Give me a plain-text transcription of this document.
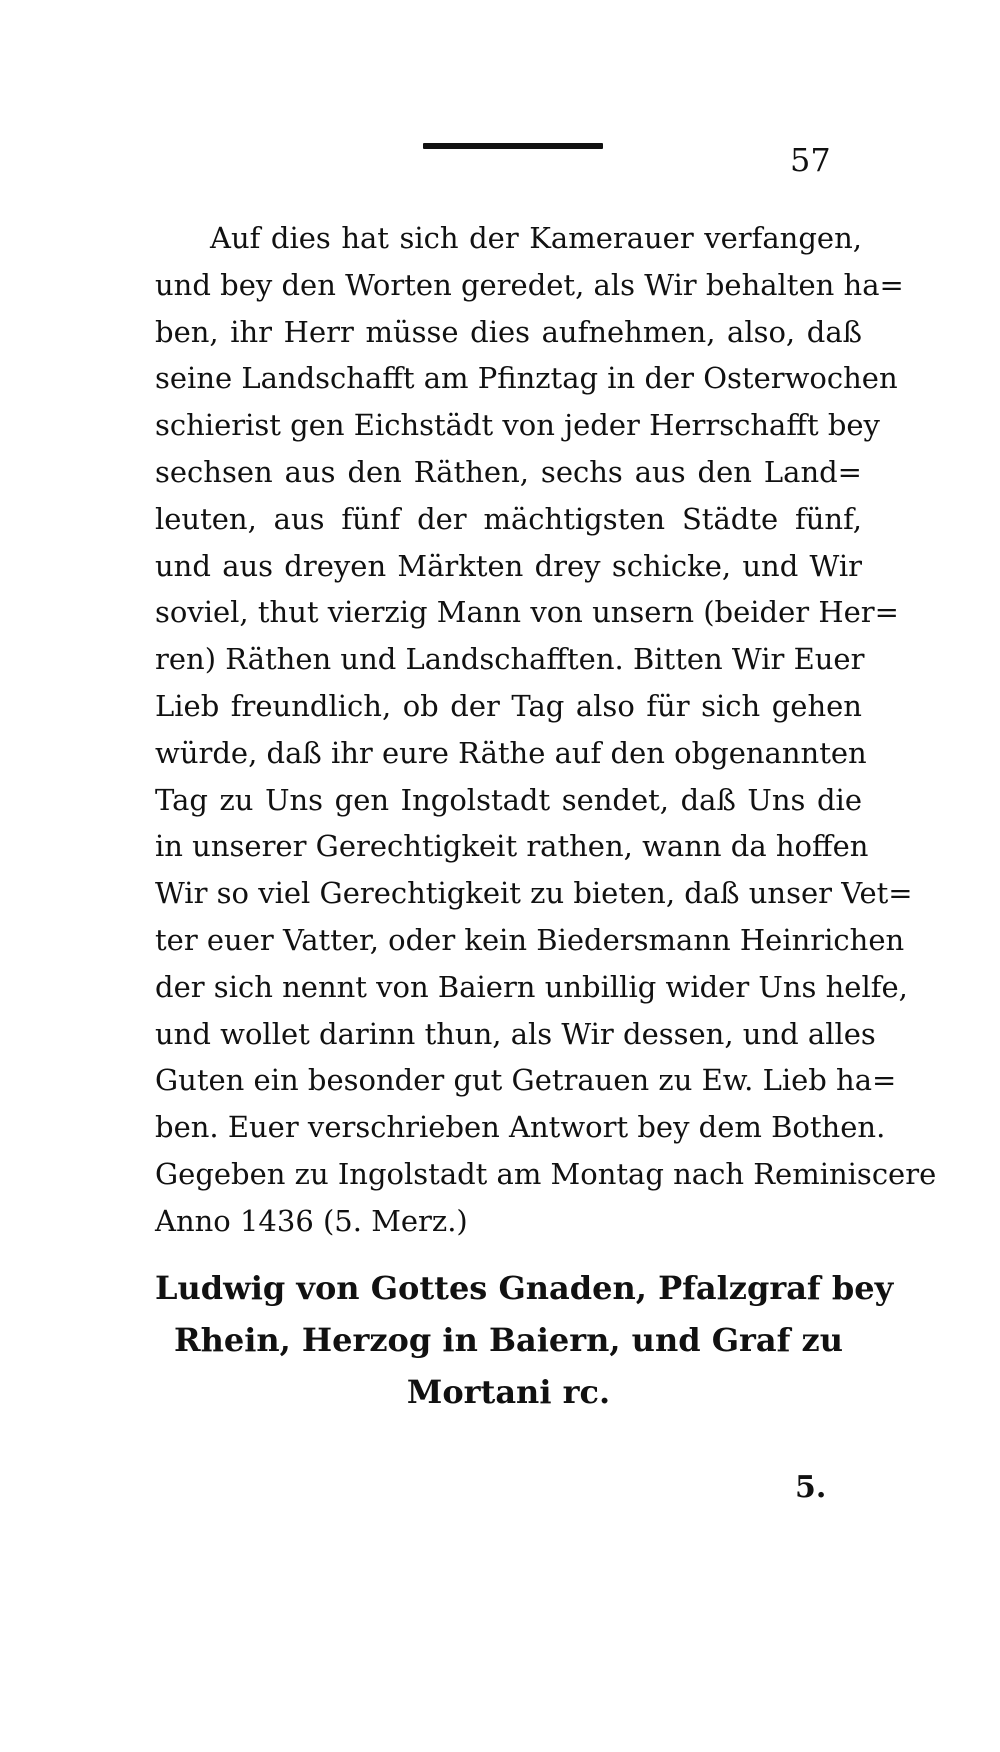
57
Auf dies hat sich der Kamerauer verfangen,
und bey den Worten geredet, als Wir behalten ha=
ben, ihr Herr müsse dies aufnehmen, also, daß
seine Landschafft am Pfinztag in der Osterwochen
schierist gen Eichstädt von jeder Herrschafft bey
sechsen aus den Räthen, sechs aus den Land=
leuten, aus fünf der mächtigsten Städte fünf,
und aus dreyen Märkten drey schicke, und Wir
soviel, thut vierzig Mann von unsern (beider Her=
ren) Räthen und Landschafften. Bitten Wir Euer
Lieb freundlich, ob der Tag also für sich gehen
würde, daß ihr eure Räthe auf den obgenannten
Tag zu Uns gen Ingolstadt sendet, daß Uns die
in unserer Gerechtigkeit rathen, wann da hoffen
Wir so viel Gerechtigkeit zu bieten, daß unser Vet=
ter euer Vatter, oder kein Biedersmann Heinrichen
der sich nennt von Baiern unbillig wider Uns helfe,
und wollet darinn thun, als Wir dessen, und alles
Guten ein besonder gut Getrauen zu Ew. Lieb ha=
ben. Euer verschrieben Antwort bey dem Bothen.
Gegeben zu Ingolstadt am Montag nach Reminiscere
Anno 1436 (5. Merz.)
Ludwig von Gottes Gnaden, Pfalzgraf bey
Rhein, Herzog in Baiern, und Graf zu
Mortani rc.
5.
